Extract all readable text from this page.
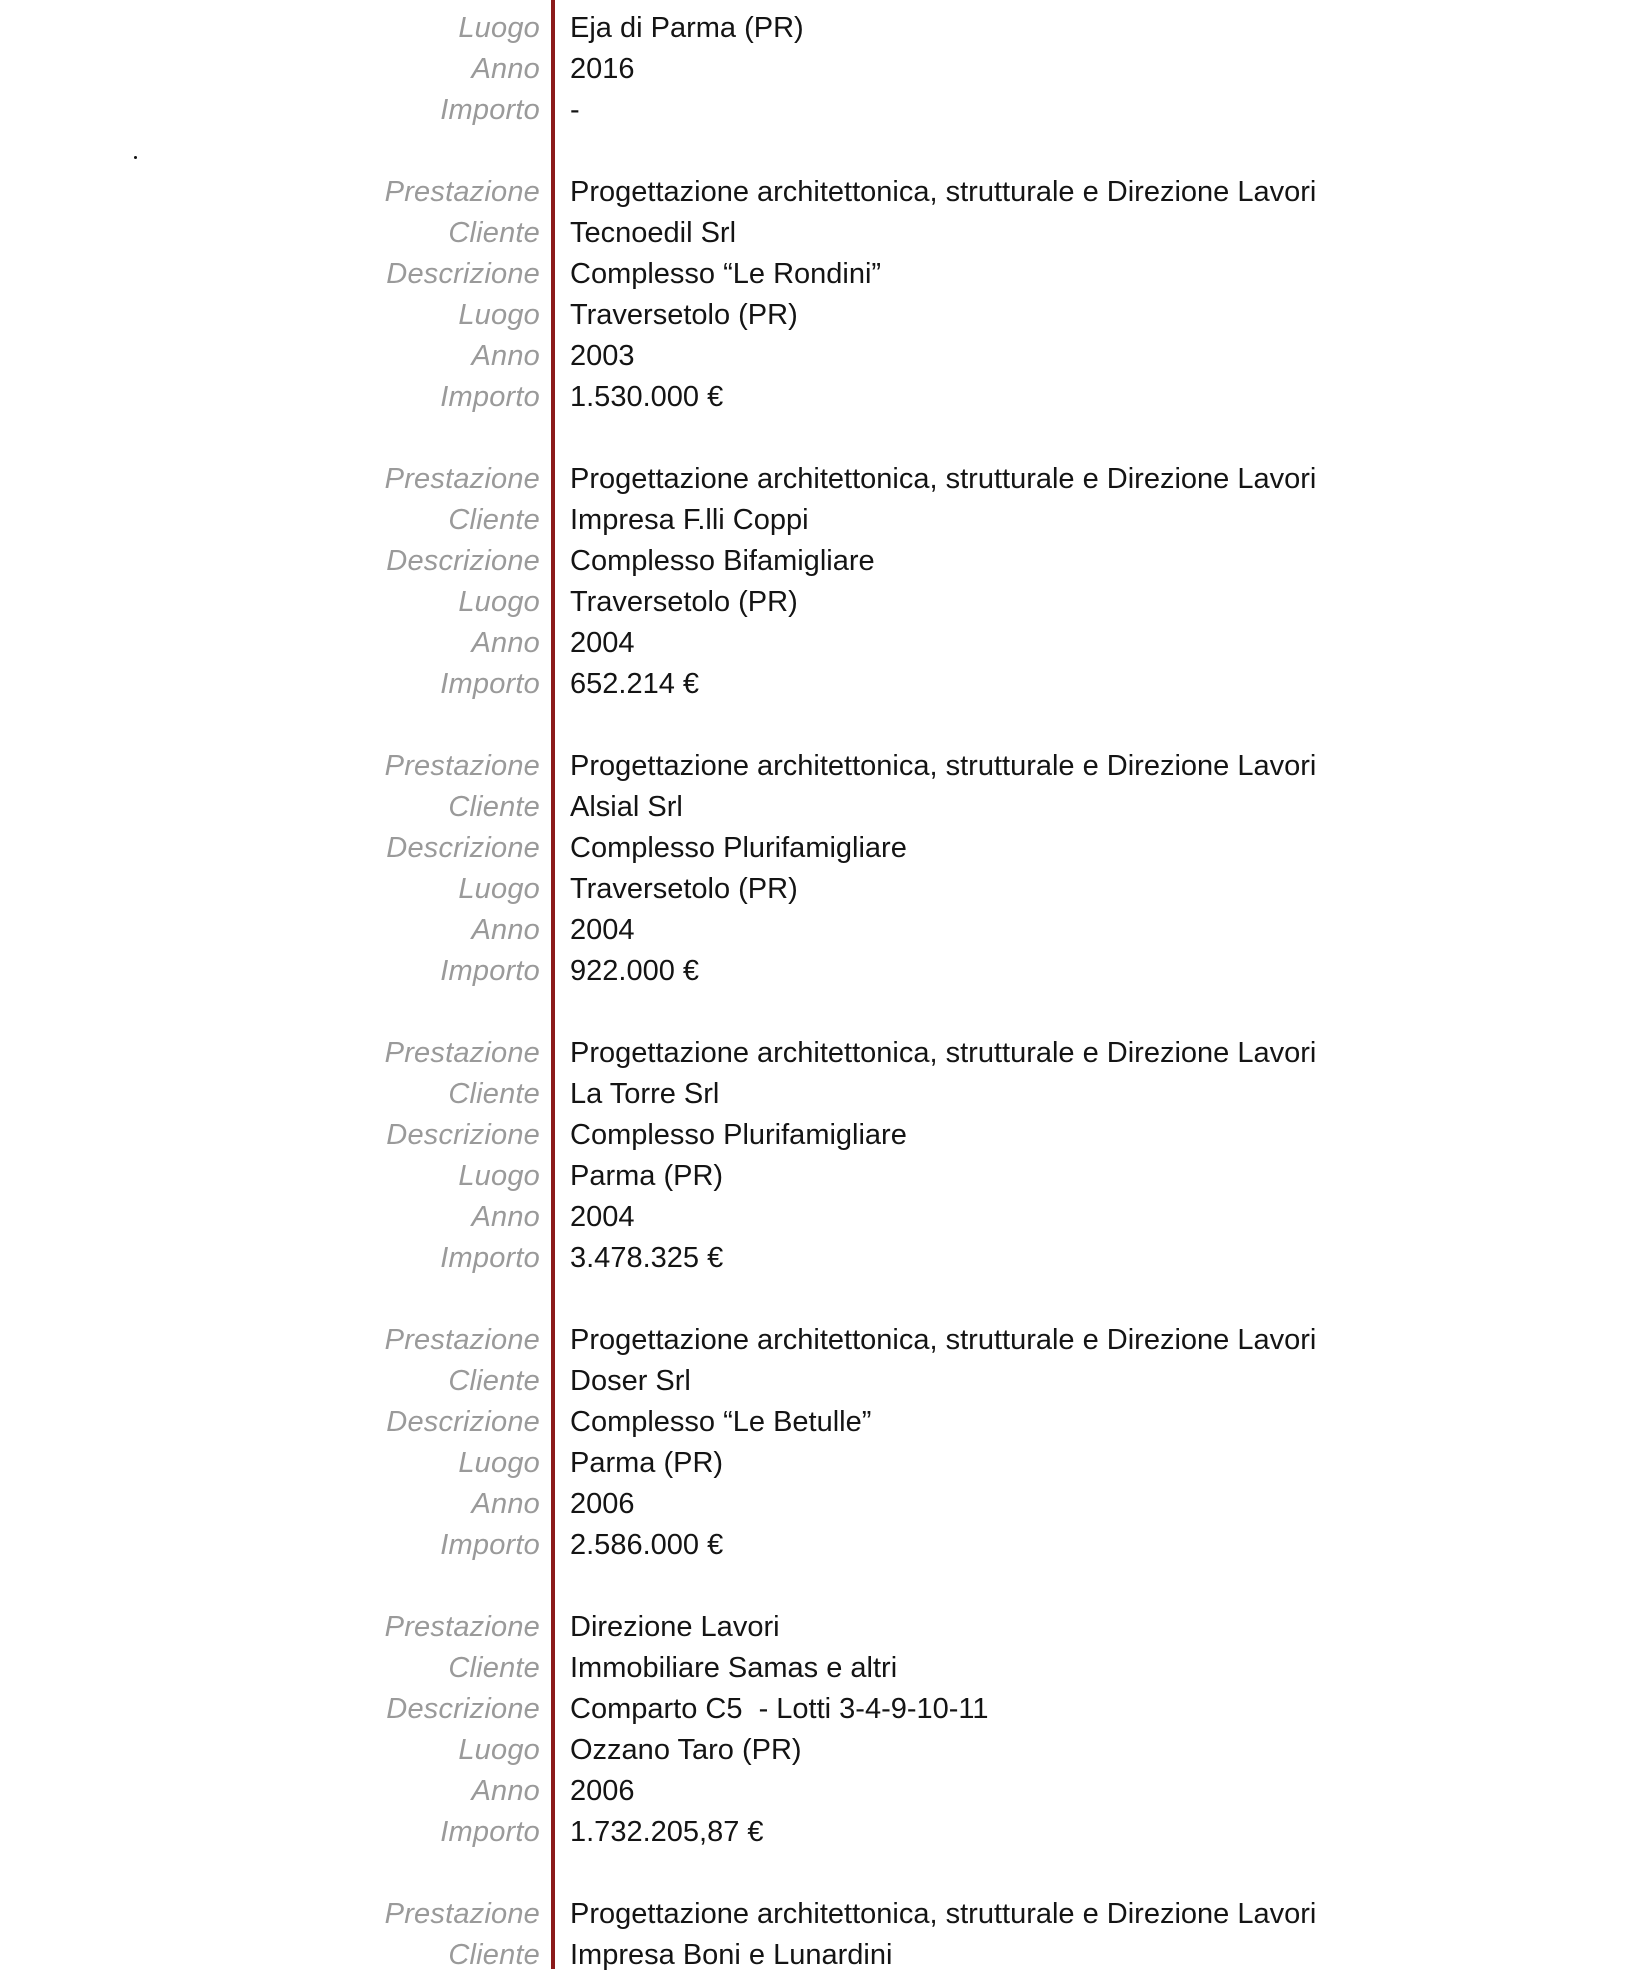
Luogo Eja di Parma (PR)
Anno 2016
Importo -
Prestazione Progettazione architettonica, strutturale e Direzione Lavori
Cliente Tecnoedil Srl
Descrizione Complesso “Le Rondini”
Luogo Traversetolo (PR)
Anno 2003
Importo 1.530.000 €
Prestazione Progettazione architettonica, strutturale e Direzione Lavori
Cliente Impresa F.lli Coppi
Descrizione Complesso Bifamigliare
Luogo Traversetolo (PR)
Anno 2004
Importo 652.214 €
Prestazione Progettazione architettonica, strutturale e Direzione Lavori
Cliente Alsial Srl
Descrizione Complesso Plurifamigliare
Luogo Traversetolo (PR)
Anno 2004
Importo 922.000 €
Prestazione Progettazione architettonica, strutturale e Direzione Lavori
Cliente La Torre Srl
Descrizione Complesso Plurifamigliare
Luogo Parma (PR)
Anno 2004
Importo 3.478.325 €
Prestazione Progettazione architettonica, strutturale e Direzione Lavori
Cliente Doser Srl
Descrizione Complesso “Le Betulle”
Luogo Parma (PR)
Anno 2006
Importo 2.586.000 €
Prestazione Direzione Lavori
Cliente Immobiliare Samas e altri
Descrizione Comparto C5  - Lotti 3-4-9-10-11
Luogo Ozzano Taro (PR)
Anno 2006
Importo 1.732.205,87 €
Prestazione Progettazione architettonica, strutturale e Direzione Lavori
Cliente Impresa Boni e Lunardini
